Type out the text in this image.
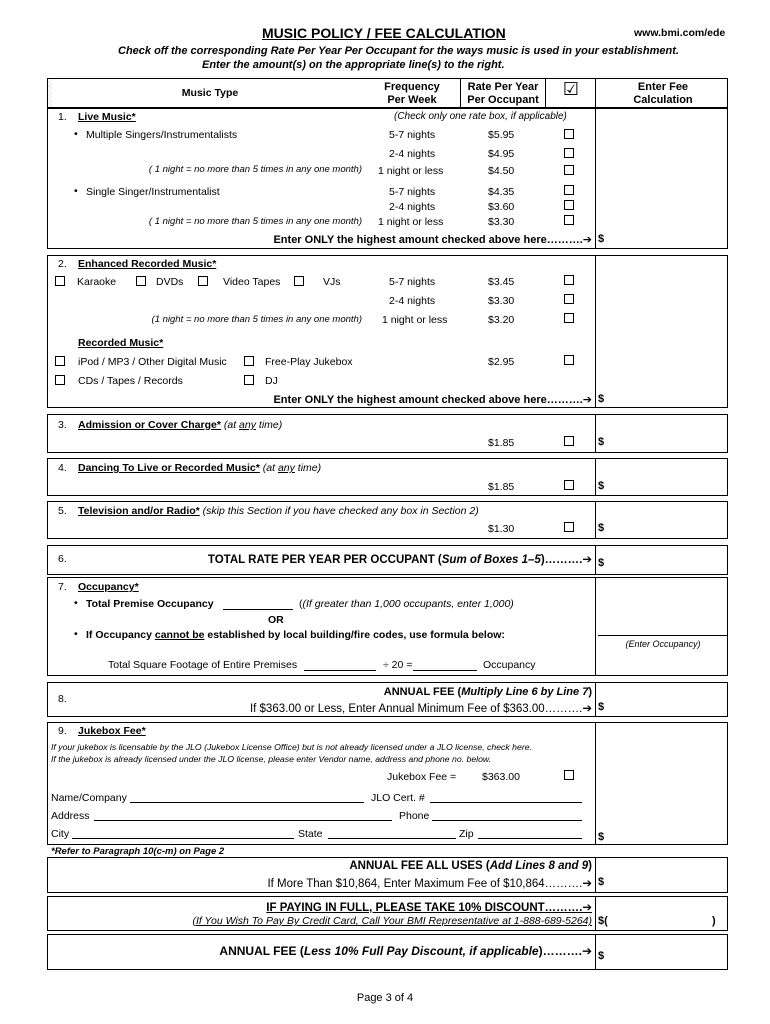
MUSIC POLICY / FEE CALCULATION	www.bmi.com/ede
Check off the corresponding Rate Per Year Per Occupant for the ways music is used in your establishment.
Enter the amount(s) on the appropriate line(s) to the right.
Music Type	Frequency
Per Week
Rate Per Year
Per Occupant
☑	Enter Fee
Calculation
1. Live Music*	(Check only one rate box, if applicable)
• Multiple Singers/Instrumentalists
( 1 night = no more than 5 times in any one month)
5-7 nights	$5.95
2-4 nights	$4.95
1 night or less	$4.50
• Single Singer/Instrumentalist
( 1 night = no more than 5 times in any one month)
5-7 nights	$4.35
2-4 nights	$3.60
1 night or less	$3.30
Enter ONLY the highest amount checked above here……….➔ $
2. Enhanced Recorded Music*
Karaoke	DVDs	Video Tapes	VJs	5-7 nights	$3.45
2-4 nights	$3.30
(1 night = no more than 5 times in any one month) 1 night or less	$3.20
Recorded Music*
iPod / MP3 / Other Digital Music	Free-Play Jukebox	$2.95
CDs / Tapes / Records	DJ
Enter ONLY the highest amount checked above here……….➔ $
3. Admission or Cover Charge* (at any time)
$1.85	$
4. Dancing To Live or Recorded Music* (at any time)
$1.85	$
5. Television and/or Radio* (skip this Section if you have checked any box in Section 2)
$1.30	$
6.	TOTAL RATE PER YEAR PER OCCUPANT (Sum of Boxes 1–5)……….➔ $
7. Occupancy*
• Total Premise Occupancy	((If greater than 1,000 occupants, enter 1,000)
OR
• If Occupancy cannot be established by local building/fire codes, use formula below:
Total Square Footage of Entire Premises	÷ 20 =	Occupancy
(Enter Occupancy)
8.
ANNUAL FEE (Multiply Line 6 by Line 7)
If $363.00 or Less, Enter Annual Minimum Fee of $363.00……….➔ $
9. Jukebox Fee*
If your jukebox is licensable by the JLO (Jukebox License Office) but is not already licensed under a JLO license, check here.
If the jukebox is already licensed under the JLO license, please enter Vendor name, address and phone no. below.
Jukebox Fee = $363.00
Name/Company	JLO Cert. #
Address	Phone
City	State	Zip	$
*Refer to Paragraph 10(c-m) on Page 2
ANNUAL FEE ALL USES (Add Lines 8 and 9)
If More Than $10,864, Enter Maximum Fee of $10,864……….➔ $
IF PAYING IN FULL, PLEASE TAKE 10% DISCOUNT……….➔
(If You Wish To Pay By Credit Card, Call Your BMI Representative at 1-888-689-5264) $(	)
ANNUAL FEE (Less 10% Full Pay Discount, if applicable)……….➔ $
Page 3 of 4
